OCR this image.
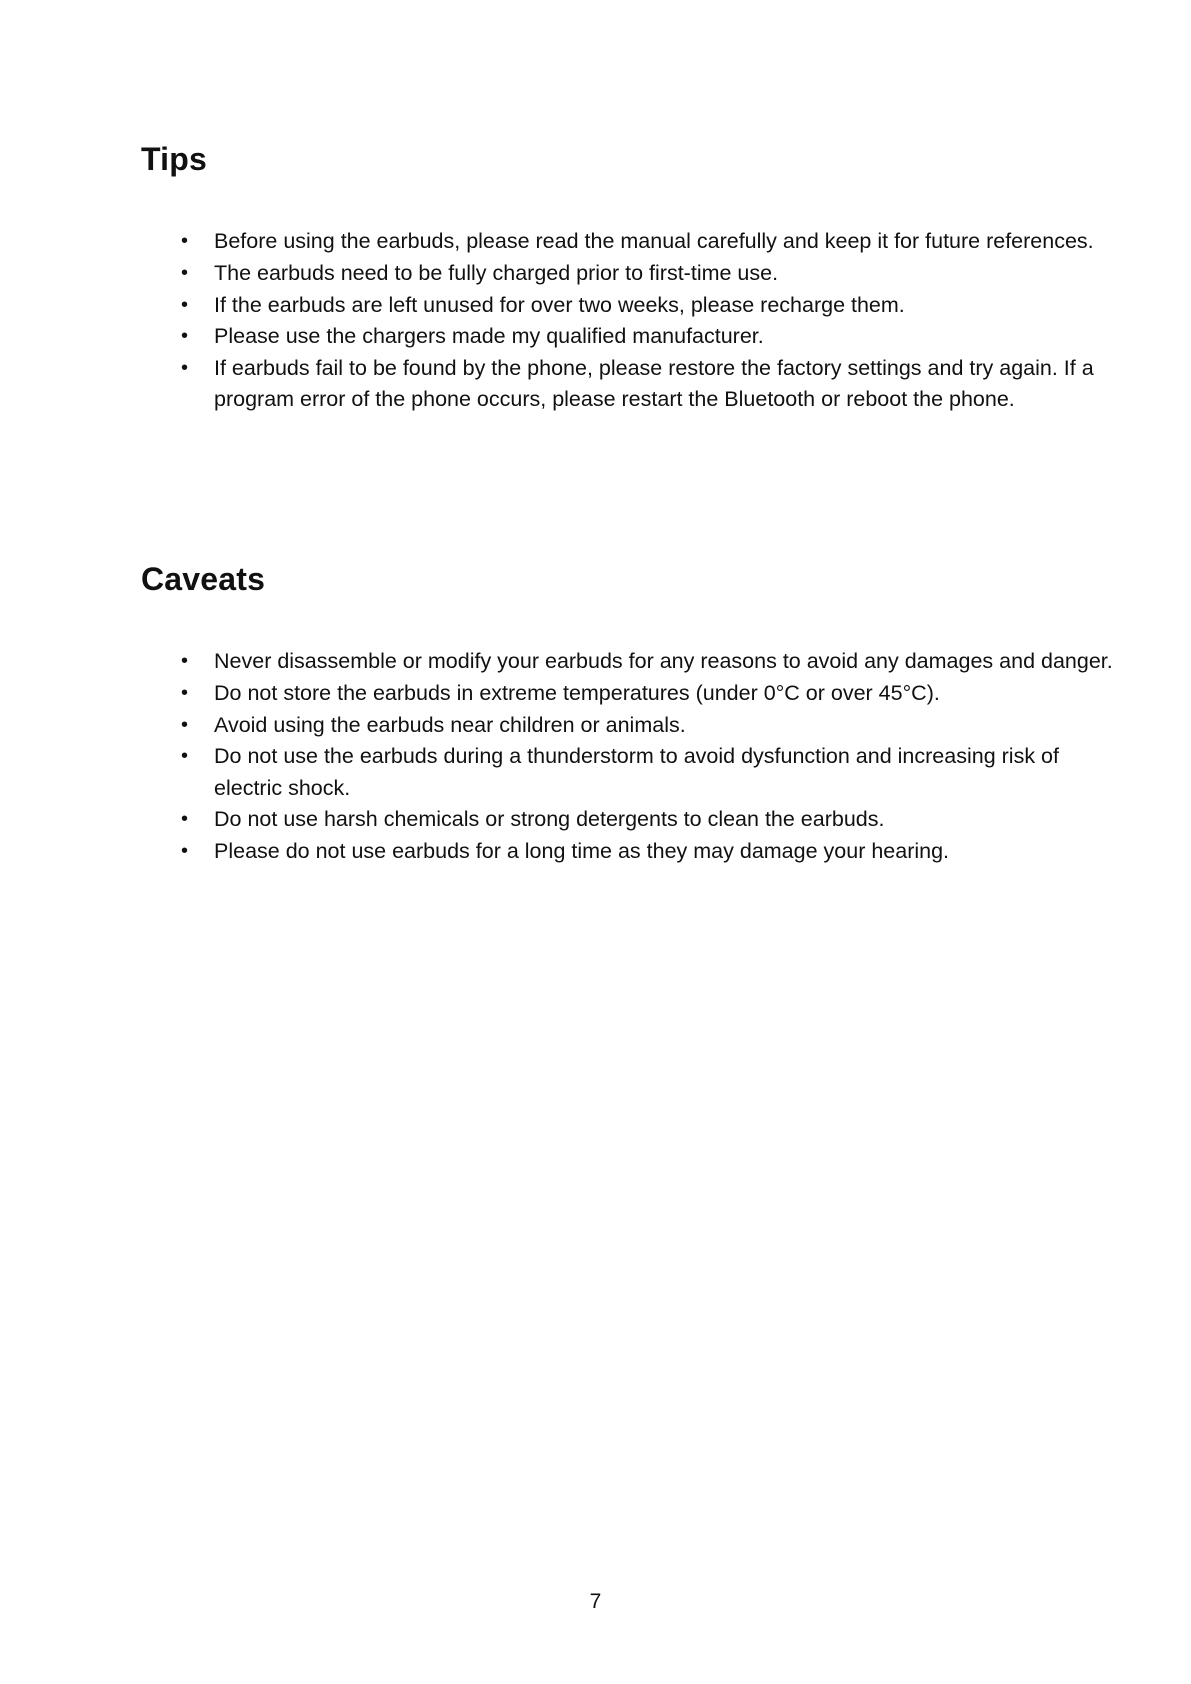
Tips
• Before using the earbuds, please read the manual carefully and keep it for future references.
• The earbuds need to be fully charged prior to first-time use.
• If the earbuds are left unused for over two weeks, please recharge them.
• Please use the chargers made my qualified manufacturer.
• If earbuds fail to be found by the phone, please restore the factory settings and try again. If a program error of the phone occurs, please restart the Bluetooth or reboot the phone.
Caveats
• Never disassemble or modify your earbuds for any reasons to avoid any damages and danger.
• Do not store the earbuds in extreme temperatures (under 0°C or over 45°C).
• Avoid using the earbuds near children or animals.
• Do not use the earbuds during a thunderstorm to avoid dysfunction and increasing risk of electric shock.
• Do not use harsh chemicals or strong detergents to clean the earbuds.
• Please do not use earbuds for a long time as they may damage your hearing.
7
